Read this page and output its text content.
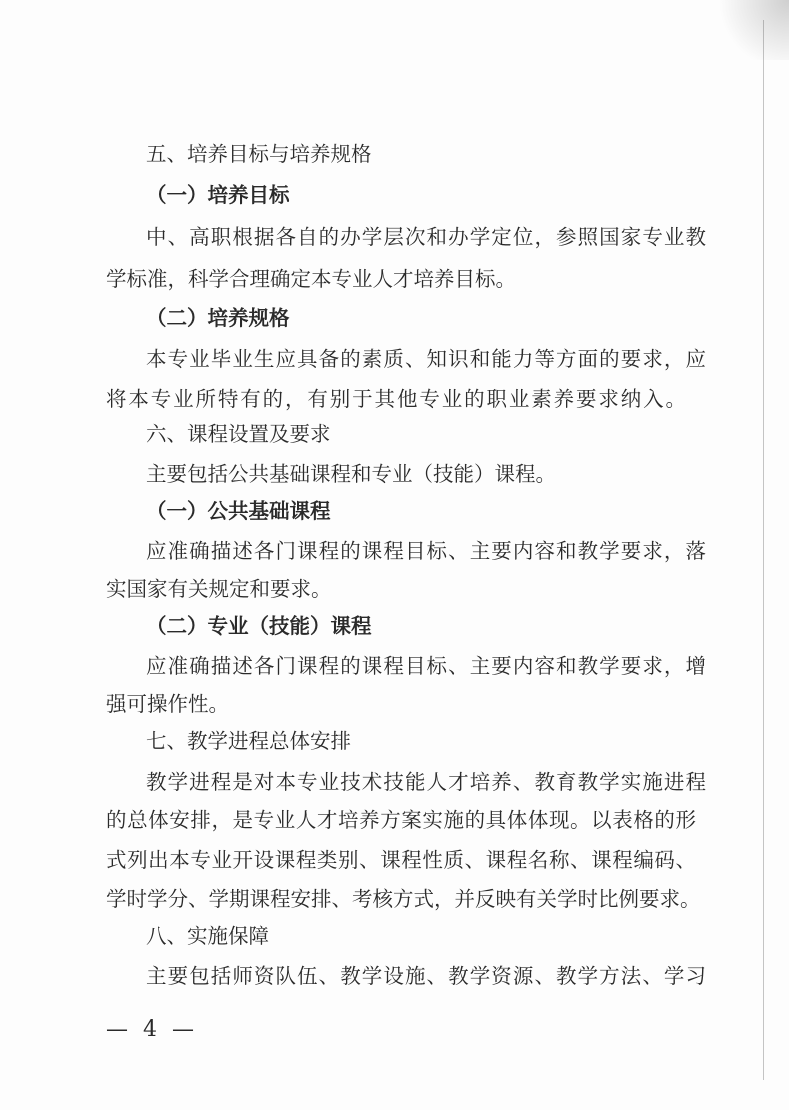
五、培养目标与培养规格
（一）培养目标
中、高职根据各自的办学层次和办学定位，参照国家专业教
学标准，科学合理确定本专业人才培养目标。
（二）培养规格
本专业毕业生应具备的素质、知识和能力等方面的要求，应
将本专业所特有的，有别于其他专业的职业素养要求纳入。
六、课程设置及要求
主要包括公共基础课程和专业（技能）课程。
（一）公共基础课程
应准确描述各门课程的课程目标、主要内容和教学要求，落
实国家有关规定和要求。
（二）专业（技能）课程
应准确描述各门课程的课程目标、主要内容和教学要求，增
强可操作性。
七、教学进程总体安排
教学进程是对本专业技术技能人才培养、教育教学实施进程
的总体安排，是专业人才培养方案实施的具体体现。以表格的形
式列出本专业开设课程类别、课程性质、课程名称、课程编码、
学时学分、学期课程安排、考核方式，并反映有关学时比例要求。
八、实施保障
主要包括师资队伍、教学设施、教学资源、教学方法、学习
— 4 —
